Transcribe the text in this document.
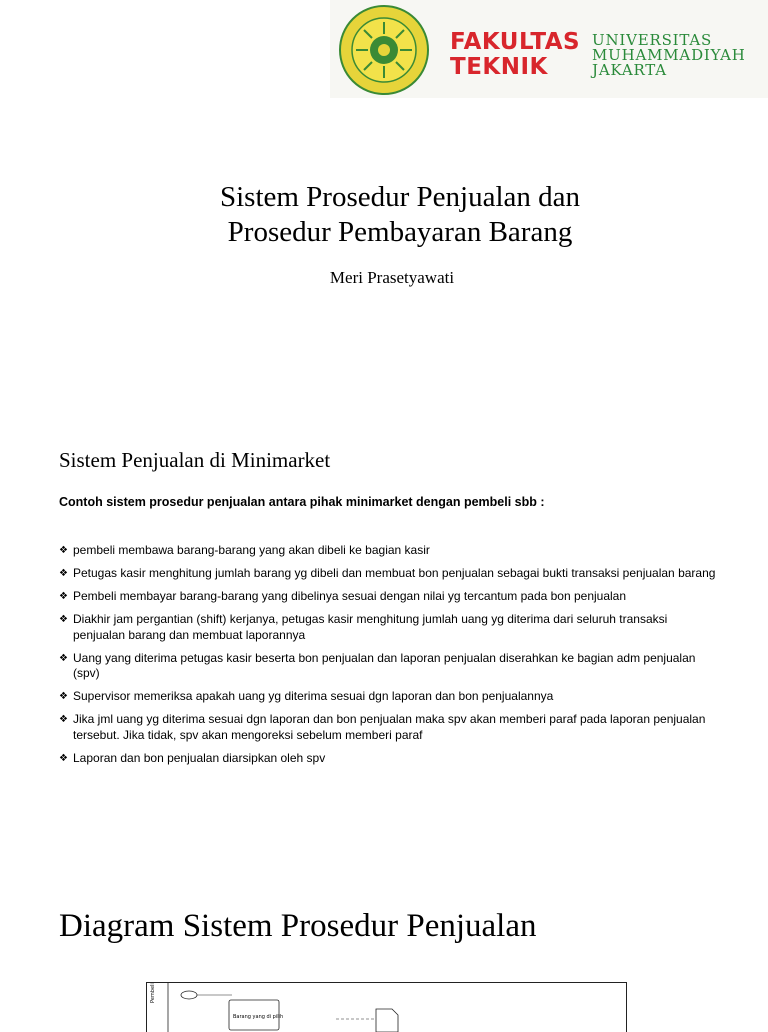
FAKULTAS
TEKNIK
UNIVERSITAS
MUHAMMADIYAH
JAKARTA
Sistem Prosedur Penjualan dan
Prosedur Pembayaran Barang
Meri Prasetyawati
Sistem Penjualan di Minimarket
Contoh sistem prosedur penjualan antara pihak minimarket dengan pembeli sbb :
❖ pembeli membawa barang-barang yang akan dibeli ke bagian kasir
❖ Petugas kasir menghitung jumlah barang yg dibeli dan membuat bon penjualan sebagai bukti transaksi penjualan barang
❖ Pembeli membayar barang-barang yang dibelinya sesuai dengan nilai yg tercantum pada bon penjualan
❖ Diakhir jam pergantian (shift) kerjanya, petugas kasir menghitung jumlah uang yg diterima dari seluruh transaksi penjualan barang dan membuat laporannya
❖ Uang yang diterima petugas kasir beserta bon penjualan dan laporan penjualan diserahkan ke bagian adm penjualan (spv)
❖ Supervisor memeriksa apakah uang yg diterima sesuai dgn laporan dan bon penjualannya
❖ Jika jml uang yg diterima sesuai dgn laporan dan bon penjualan maka spv akan memberi paraf pada laporan penjualan tersebut. Jika tidak, spv akan mengoreksi sebelum memberi paraf
❖ Laporan dan bon penjualan diarsipkan oleh spv
Diagram Sistem Prosedur Penjualan
Pembeli
Barang yang di pilih
